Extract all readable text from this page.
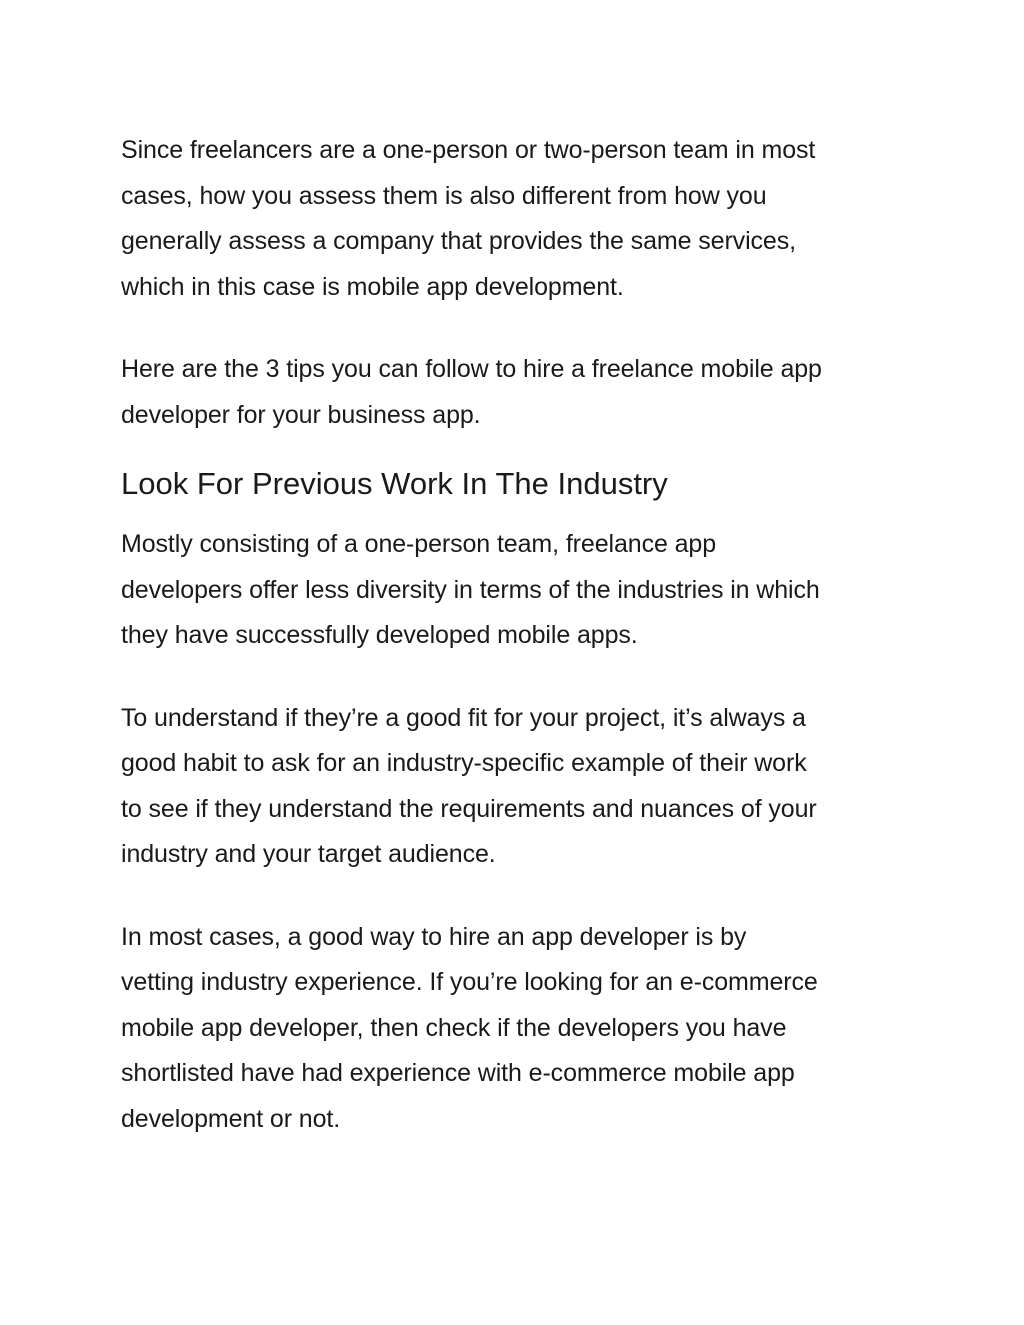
Since freelancers are a one-person or two-person team in most
cases, how you assess them is also different from how you
generally assess a company that provides the same services,
which in this case is mobile app development.

Here are the 3 tips you can follow to hire a freelance mobile app
developer for your business app.

Look For Previous Work In The Industry

Mostly consisting of a one-person team, freelance app
developers offer less diversity in terms of the industries in which
they have successfully developed mobile apps.

To understand if they’re a good fit for your project, it’s always a
good habit to ask for an industry-specific example of their work
to see if they understand the requirements and nuances of your
industry and your target audience.

In most cases, a good way to hire an app developer is by
vetting industry experience. If you’re looking for an e-commerce
mobile app developer, then check if the developers you have
shortlisted have had experience with e-commerce mobile app
development or not.
